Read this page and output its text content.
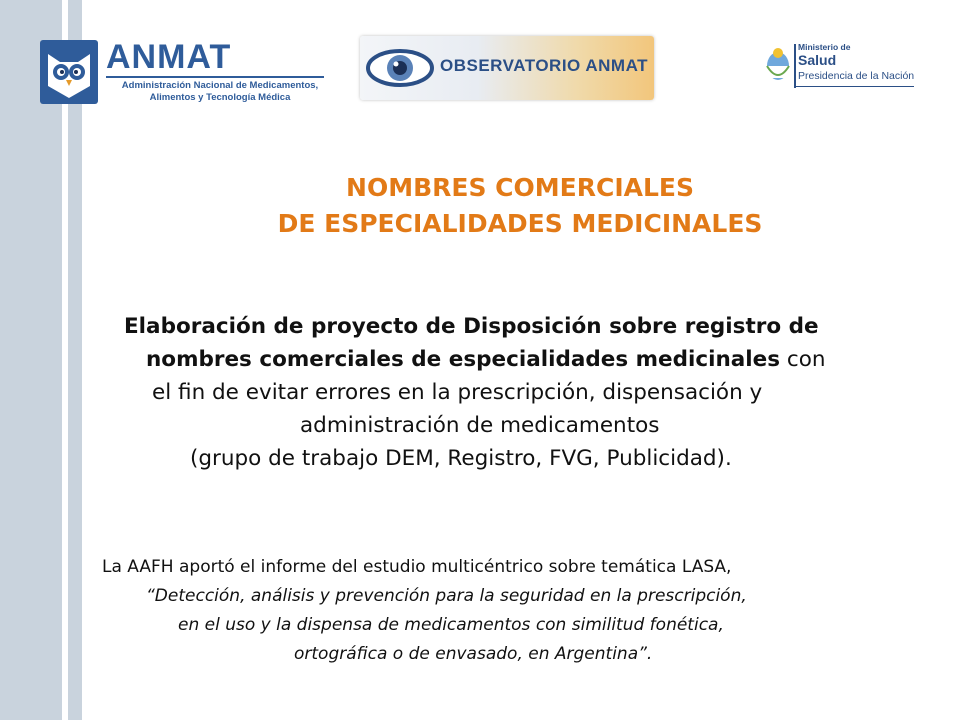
ANMAT
Administración Nacional de Medicamentos,
Alimentos y Tecnología Médica
OBSERVATORIO ANMAT
Ministerio de
Salud
Presidencia de la Nación
NOMBRES COMERCIALES
DE ESPECIALIDADES MEDICINALES
Elaboración de proyecto de Disposición sobre registro de
nombres comerciales de especialidades medicinales con
el fin de evitar errores en la prescripción, dispensación y
administración de medicamentos
(grupo de trabajo DEM, Registro, FVG, Publicidad).
La AAFH aportó el informe del estudio multicéntrico sobre temática LASA,
“Detección, análisis y prevención para la seguridad en la prescripción,
en el uso y la dispensa de medicamentos con similitud fonética,
ortográfica o de envasado, en Argentina”.
